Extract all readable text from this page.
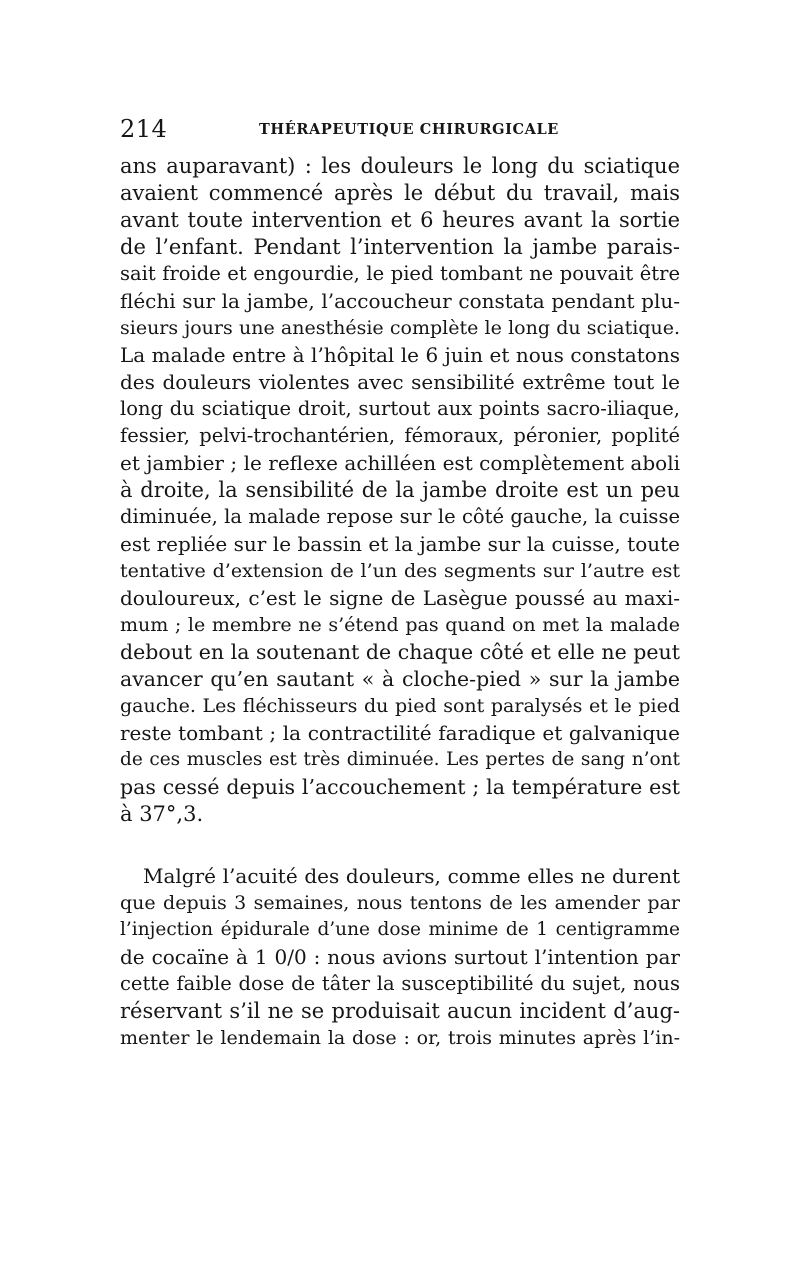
214	THÉRAPEUTIQUE CHIRURGICALE
ans auparavant) : les douleurs le long du sciatique
avaient commencé après le début du travail, mais
avant toute intervention et 6 heures avant la sortie
de l’enfant. Pendant l’intervention la jambe parais-
sait froide et engourdie, le pied tombant ne pouvait être
fléchi sur la jambe, l’accoucheur constata pendant plu-
sieurs jours une anesthésie complète le long du sciatique.
La malade entre à l’hôpital le 6 juin et nous constatons
des douleurs violentes avec sensibilité extrême tout le
long du sciatique droit, surtout aux points sacro-iliaque,
fessier, pelvi-trochantérien, fémoraux, péronier, poplité
et jambier ; le reflexe achilléen est complètement aboli
à droite, la sensibilité de la jambe droite est un peu
diminuée, la malade repose sur le côté gauche, la cuisse
est repliée sur le bassin et la jambe sur la cuisse, toute
tentative d’extension de l’un des segments sur l’autre est
douloureux, c’est le signe de Lasègue poussé au maxi-
mum ; le membre ne s’étend pas quand on met la malade
debout en la soutenant de chaque côté et elle ne peut
avancer qu’en sautant « à cloche-pied » sur la jambe
gauche. Les fléchisseurs du pied sont paralysés et le pied
reste tombant ; la contractilité faradique et galvanique
de ces muscles est très diminuée. Les pertes de sang n’ont
pas cessé depuis l’accouchement ; la température est
à 37°,3.
Malgré l’acuité des douleurs, comme elles ne durent
que depuis 3 semaines, nous tentons de les amender par
l’injection épidurale d’une dose minime de 1 centigramme
de cocaïne à 1 0/0 : nous avions surtout l’intention par
cette faible dose de tâter la susceptibilité du sujet, nous
réservant s’il ne se produisait aucun incident d’aug-
menter le lendemain la dose : or, trois minutes après l’in-
